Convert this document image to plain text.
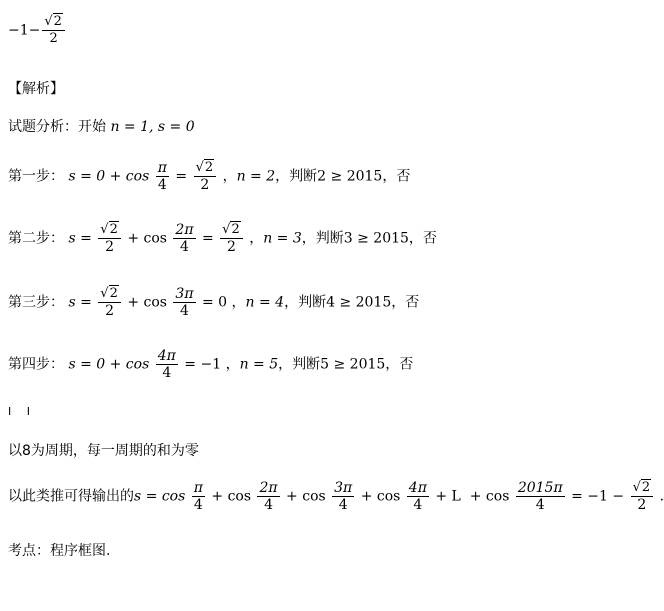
$-1- \frac{√2}{2}$
【解析】
试题分析：开始 n = 1, s = 0
第一步： $s = 0 + \cos \frac{\pi}{4} = \frac{√2}{2}$ ，n = 2，判断2 ≥ 2015，否
第二步： $s = \frac{√2}{2} + \cos \frac{2\pi}{4} = \frac{√2}{2}$ ，n = 3，判断3 ≥ 2015，否
第三步： $s = \frac{√2}{2} + \cos \frac{3\pi}{4} = 0$ ，n = 4，判断4 ≥ 2015，否
第四步： $s = 0 + \cos \frac{4\pi}{4} = -1$ ，n = 5，判断5 ≥ 2015，否
I I
以8为周期，每一周期的和为零
以此类推可得输出的$s = \cos \frac{\pi}{4} + \cos \frac{2\pi}{4} + \cos \frac{3\pi}{4} + \cos \frac{4\pi}{4} + L + \cos \frac{2015\pi}{4} = -1 - \frac{√2}{2}$ .
考点：程序框图.
